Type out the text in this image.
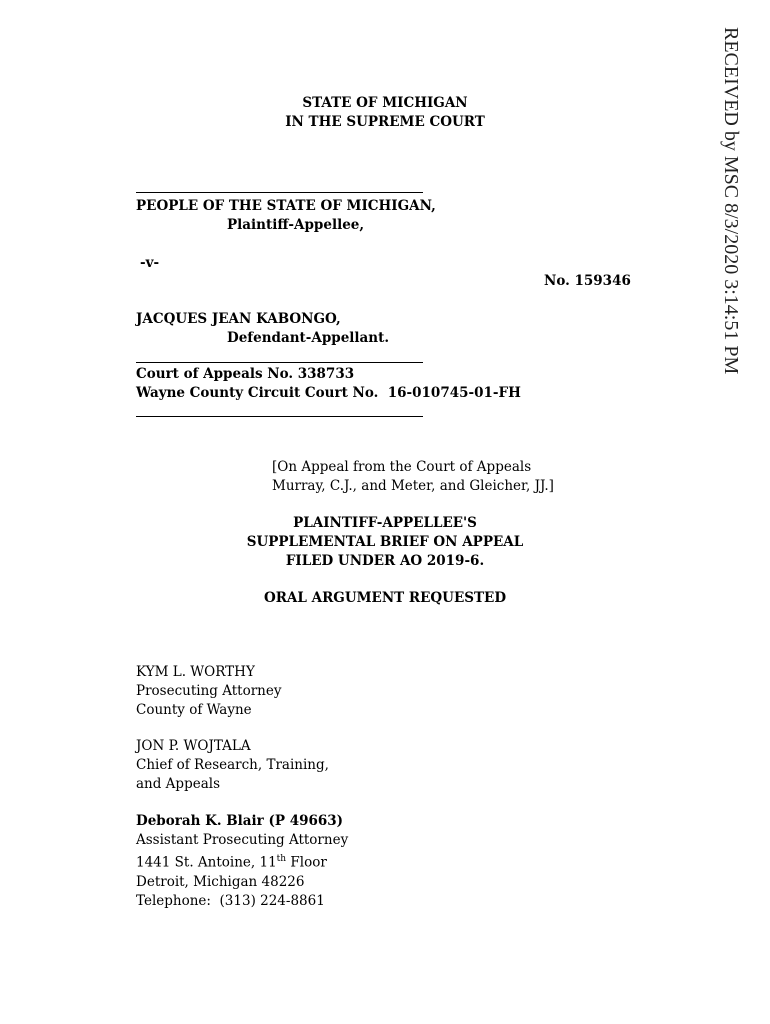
RECEIVED by MSC 8/3/2020 3:14:51 PM
STATE OF MICHIGAN
IN THE SUPREME COURT
PEOPLE OF THE STATE OF MICHIGAN,
Plaintiff-Appellee,
-v-
No. 159346
JACQUES JEAN KABONGO,
Defendant-Appellant.
Court of Appeals No. 338733
Wayne County Circuit Court No.  16-010745-01-FH
[On Appeal from the Court of Appeals
Murray, C.J., and Meter, and Gleicher, JJ.]
PLAINTIFF-APPELLEE'S
SUPPLEMENTAL BRIEF ON APPEAL
FILED UNDER AO 2019-6.
ORAL ARGUMENT REQUESTED
KYM L. WORTHY
Prosecuting Attorney
County of Wayne
JON P. WOJTALA
Chief of Research, Training,
and Appeals
Deborah K. Blair (P 49663)
Assistant Prosecuting Attorney
1441 St. Antoine, 11th Floor
Detroit, Michigan 48226
Telephone:  (313) 224-8861
